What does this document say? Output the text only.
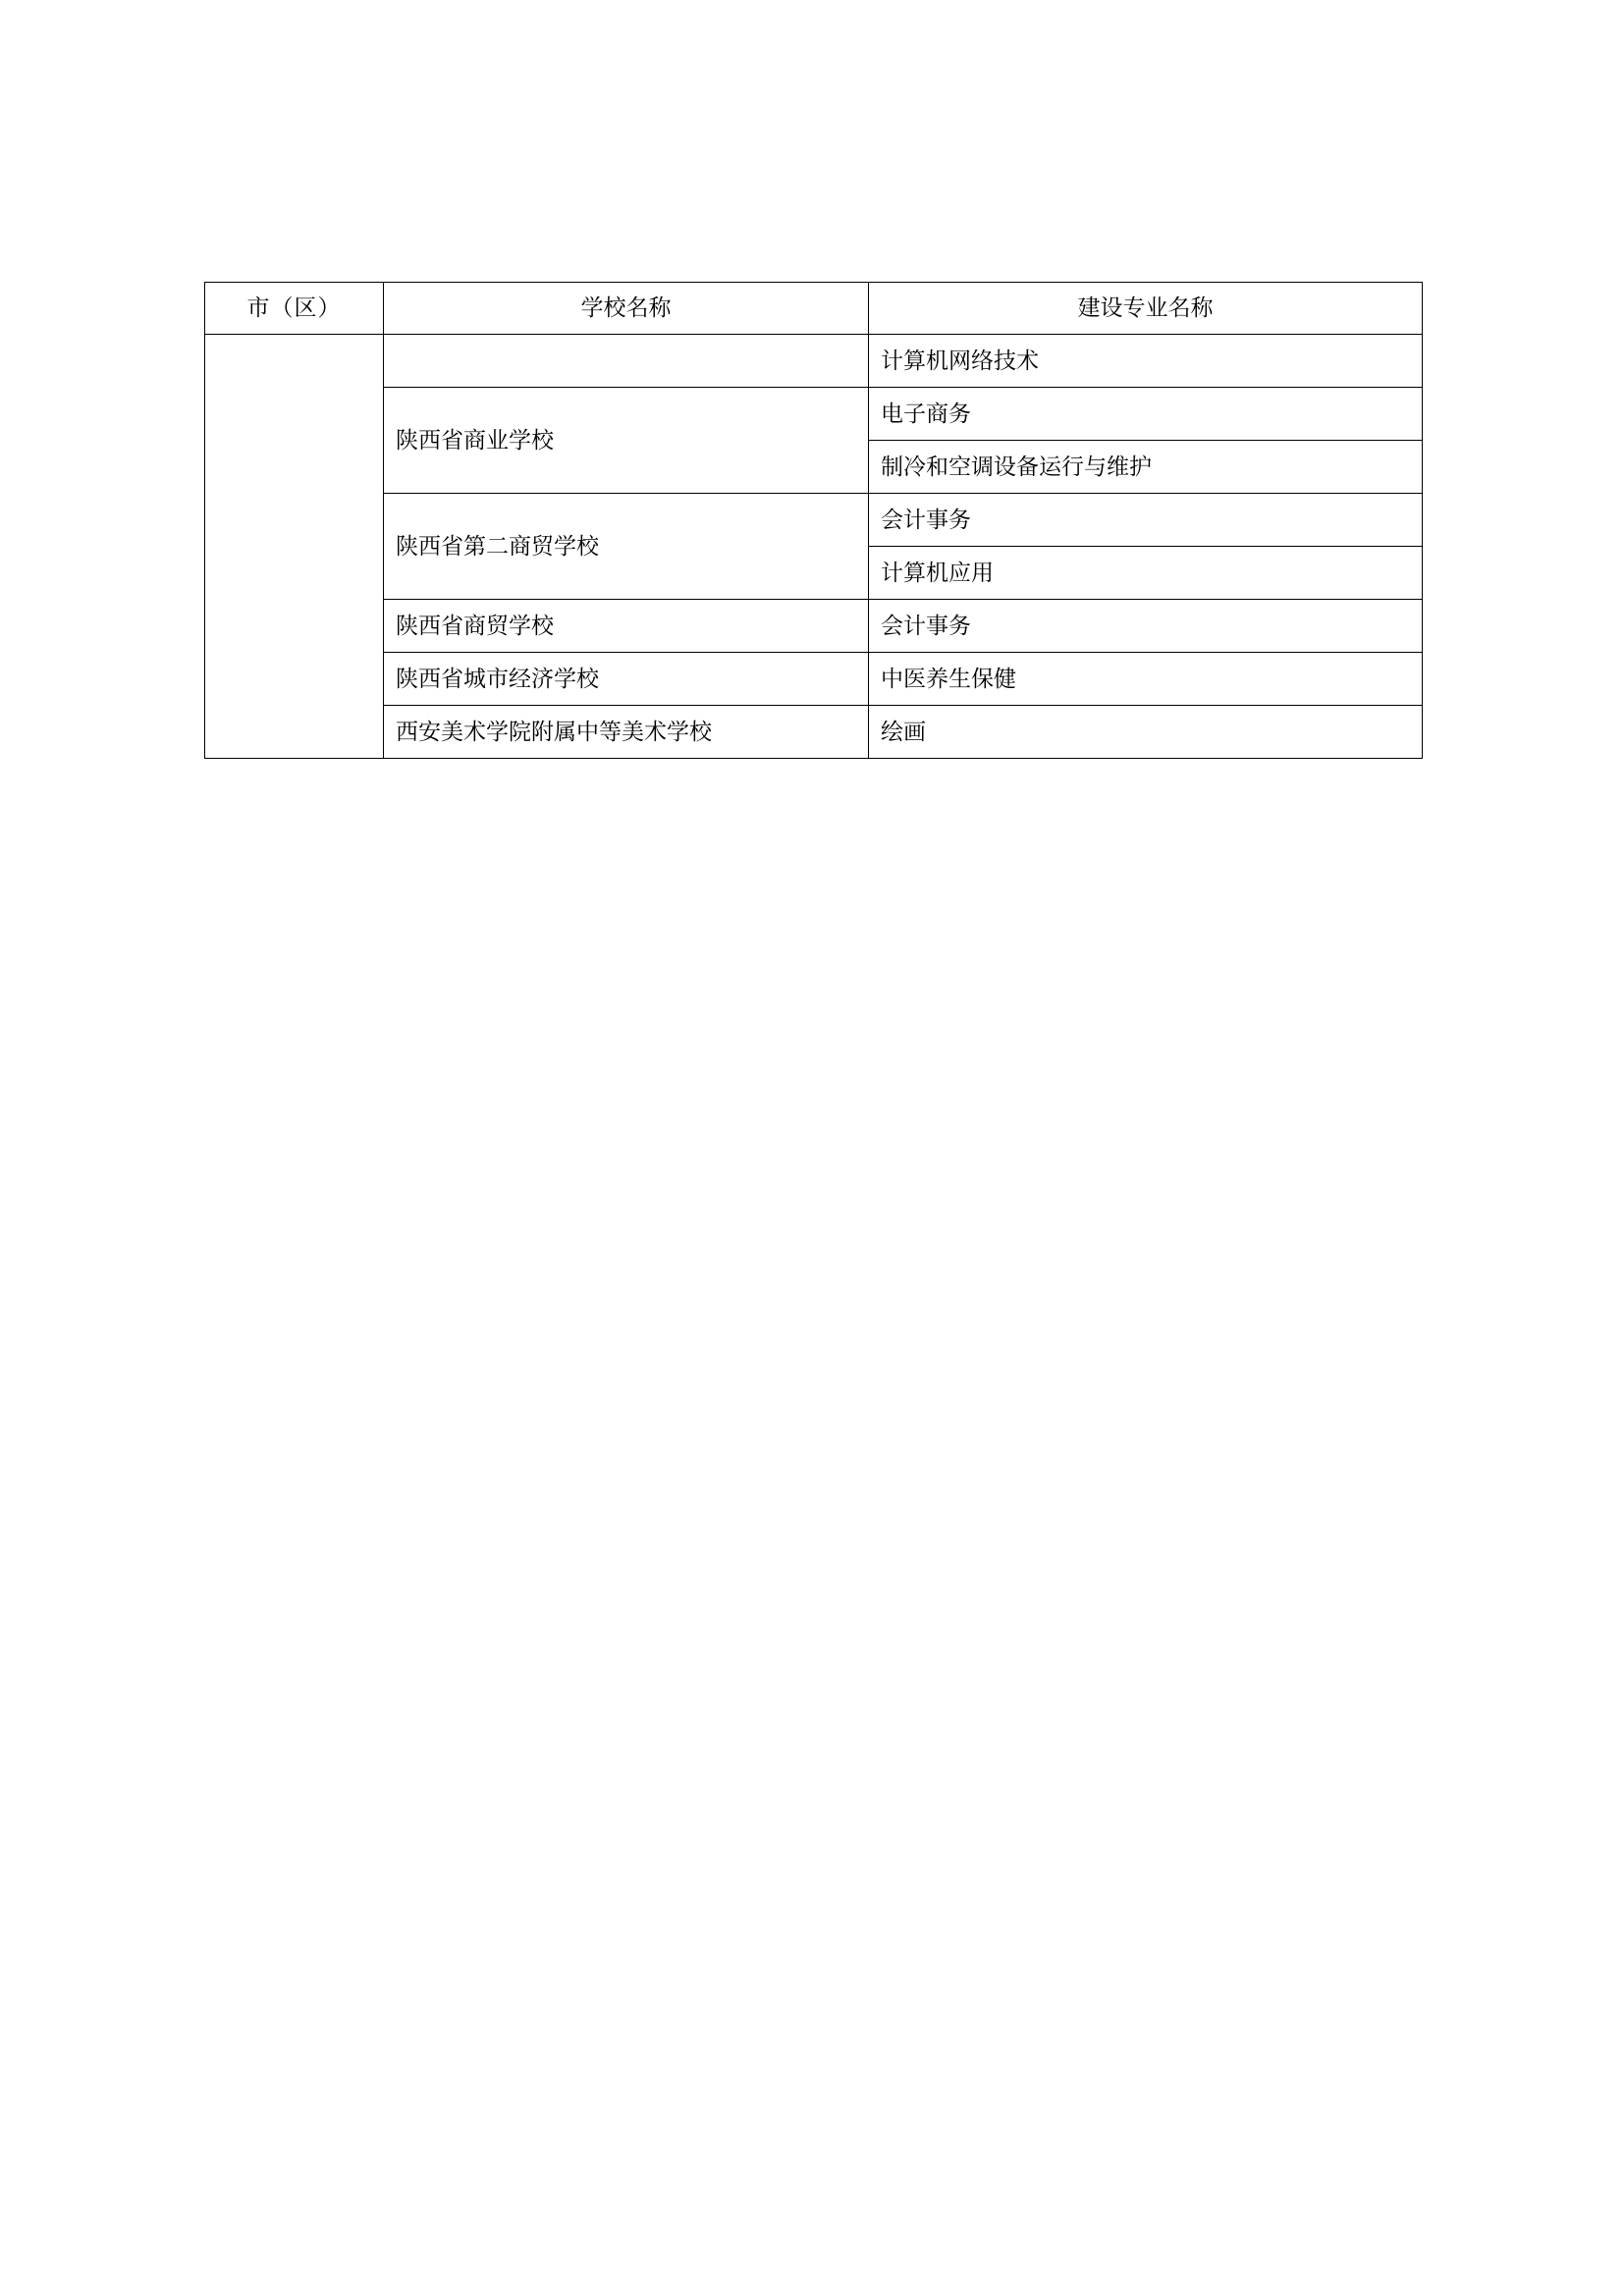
市（区）	学校名称	建设专业名称
		计算机网络技术
	陕西省商业学校	电子商务
		制冷和空调设备运行与维护
	陕西省第二商贸学校	会计事务
		计算机应用
	陕西省商贸学校	会计事务
	陕西省城市经济学校	中医养生保健
	西安美术学院附属中等美术学校	绘画
